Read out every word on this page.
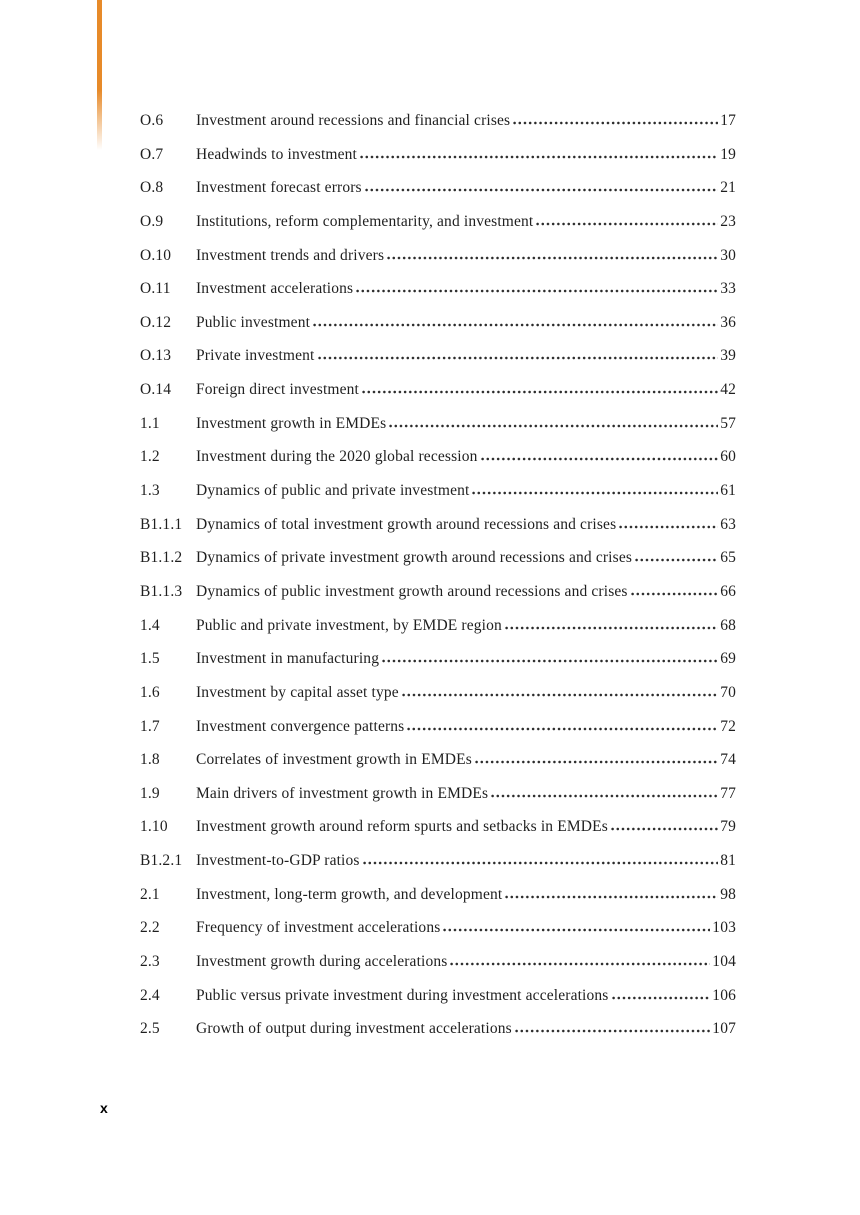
O.6	Investment around recessions and financial crises	17
O.7	Headwinds to investment	19
O.8	Investment forecast errors	21
O.9	Institutions, reform complementarity, and investment	23
O.10	Investment trends and drivers	30
O.11	Investment accelerations	33
O.12	Public investment	36
O.13	Private investment	39
O.14	Foreign direct investment	42
1.1	Investment growth in EMDEs	57
1.2	Investment during the 2020 global recession	60
1.3	Dynamics of public and private investment	61
B1.1.1 Dynamics of total investment growth around recessions and crises	63
B1.1.2 Dynamics of private investment growth around recessions and crises	65
B1.1.3 Dynamics of public investment growth around recessions and crises	66
1.4	Public and private investment, by EMDE region	68
1.5	Investment in manufacturing	69
1.6	Investment by capital asset type	70
1.7	Investment convergence patterns	72
1.8	Correlates of investment growth in EMDEs	74
1.9	Main drivers of investment growth in EMDEs	77
1.10	Investment growth around reform spurts and setbacks in EMDEs	79
B1.2.1 Investment-to-GDP ratios	81
2.1	Investment, long-term growth, and development	98
2.2	Frequency of investment accelerations	103
2.3	Investment growth during accelerations	104
2.4	Public versus private investment during investment accelerations	106
2.5	Growth of output during investment accelerations	107
x
